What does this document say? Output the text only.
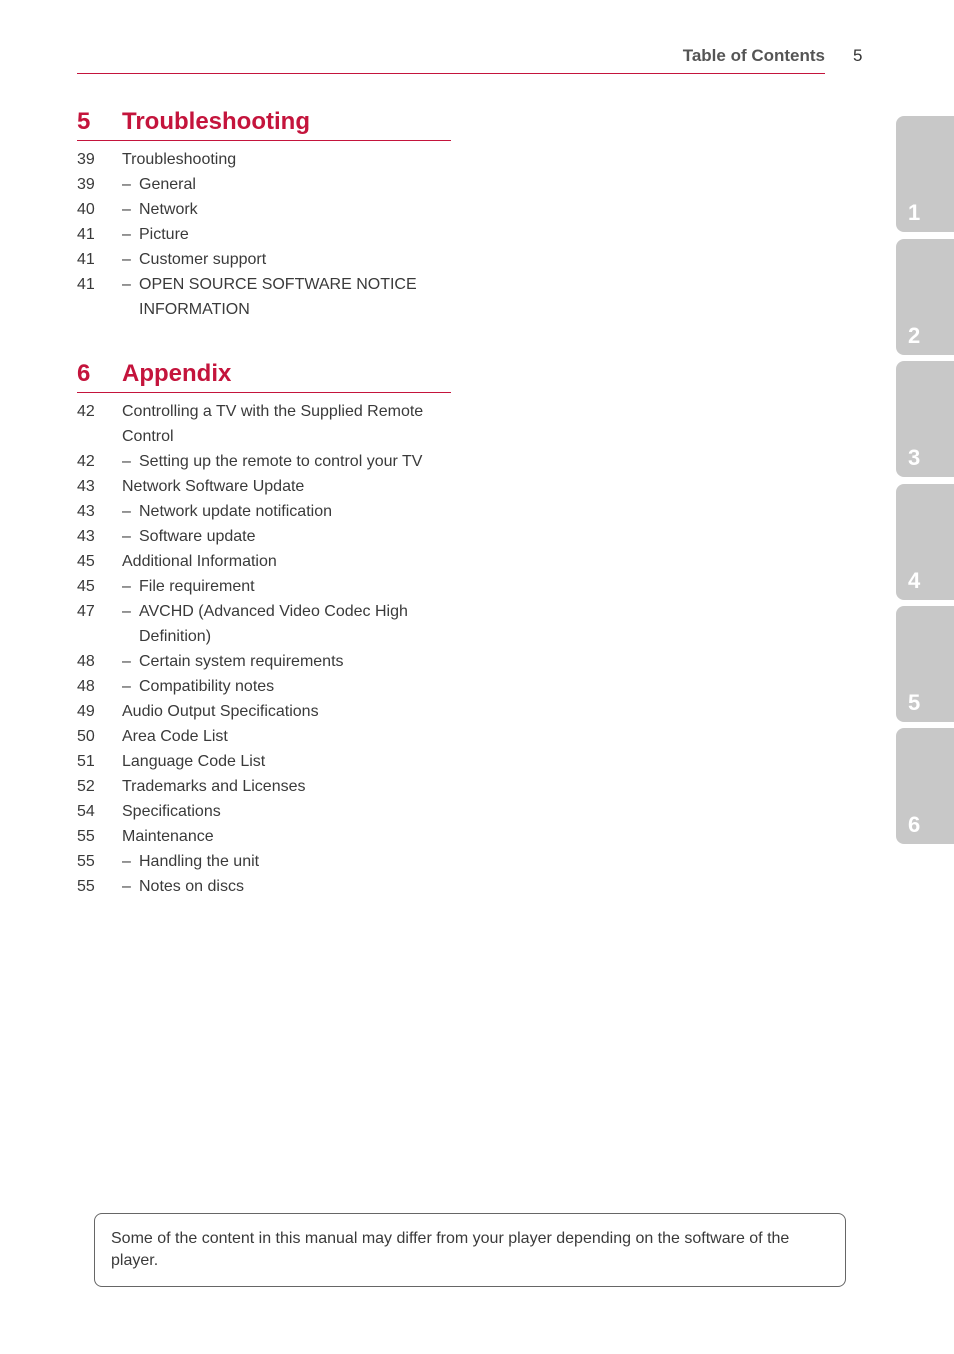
Table of Contents 5
5	Troubleshooting
39	Troubleshooting
39	– General
40	– Network
41	– Picture
41	– Customer support
41	– OPEN SOURCE SOFTWARE NOTICE INFORMATION
6	Appendix
42	Controlling a TV with the Supplied Remote Control
42	– Setting up the remote to control your TV
43	Network Software Update
43	– Network update notification
43	– Software update
45	Additional Information
45	– File requirement
47	– AVCHD (Advanced Video Codec High Definition)
48	– Certain system requirements
48	– Compatibility notes
49	Audio Output Specifications
50	Area Code List
51	Language Code List
52	Trademarks and Licenses
54	Specifications
55	Maintenance
55	– Handling the unit
55	– Notes on discs
1
2
3
4
5
6
Some of the content in this manual may differ from your player depending on the software of the player.
